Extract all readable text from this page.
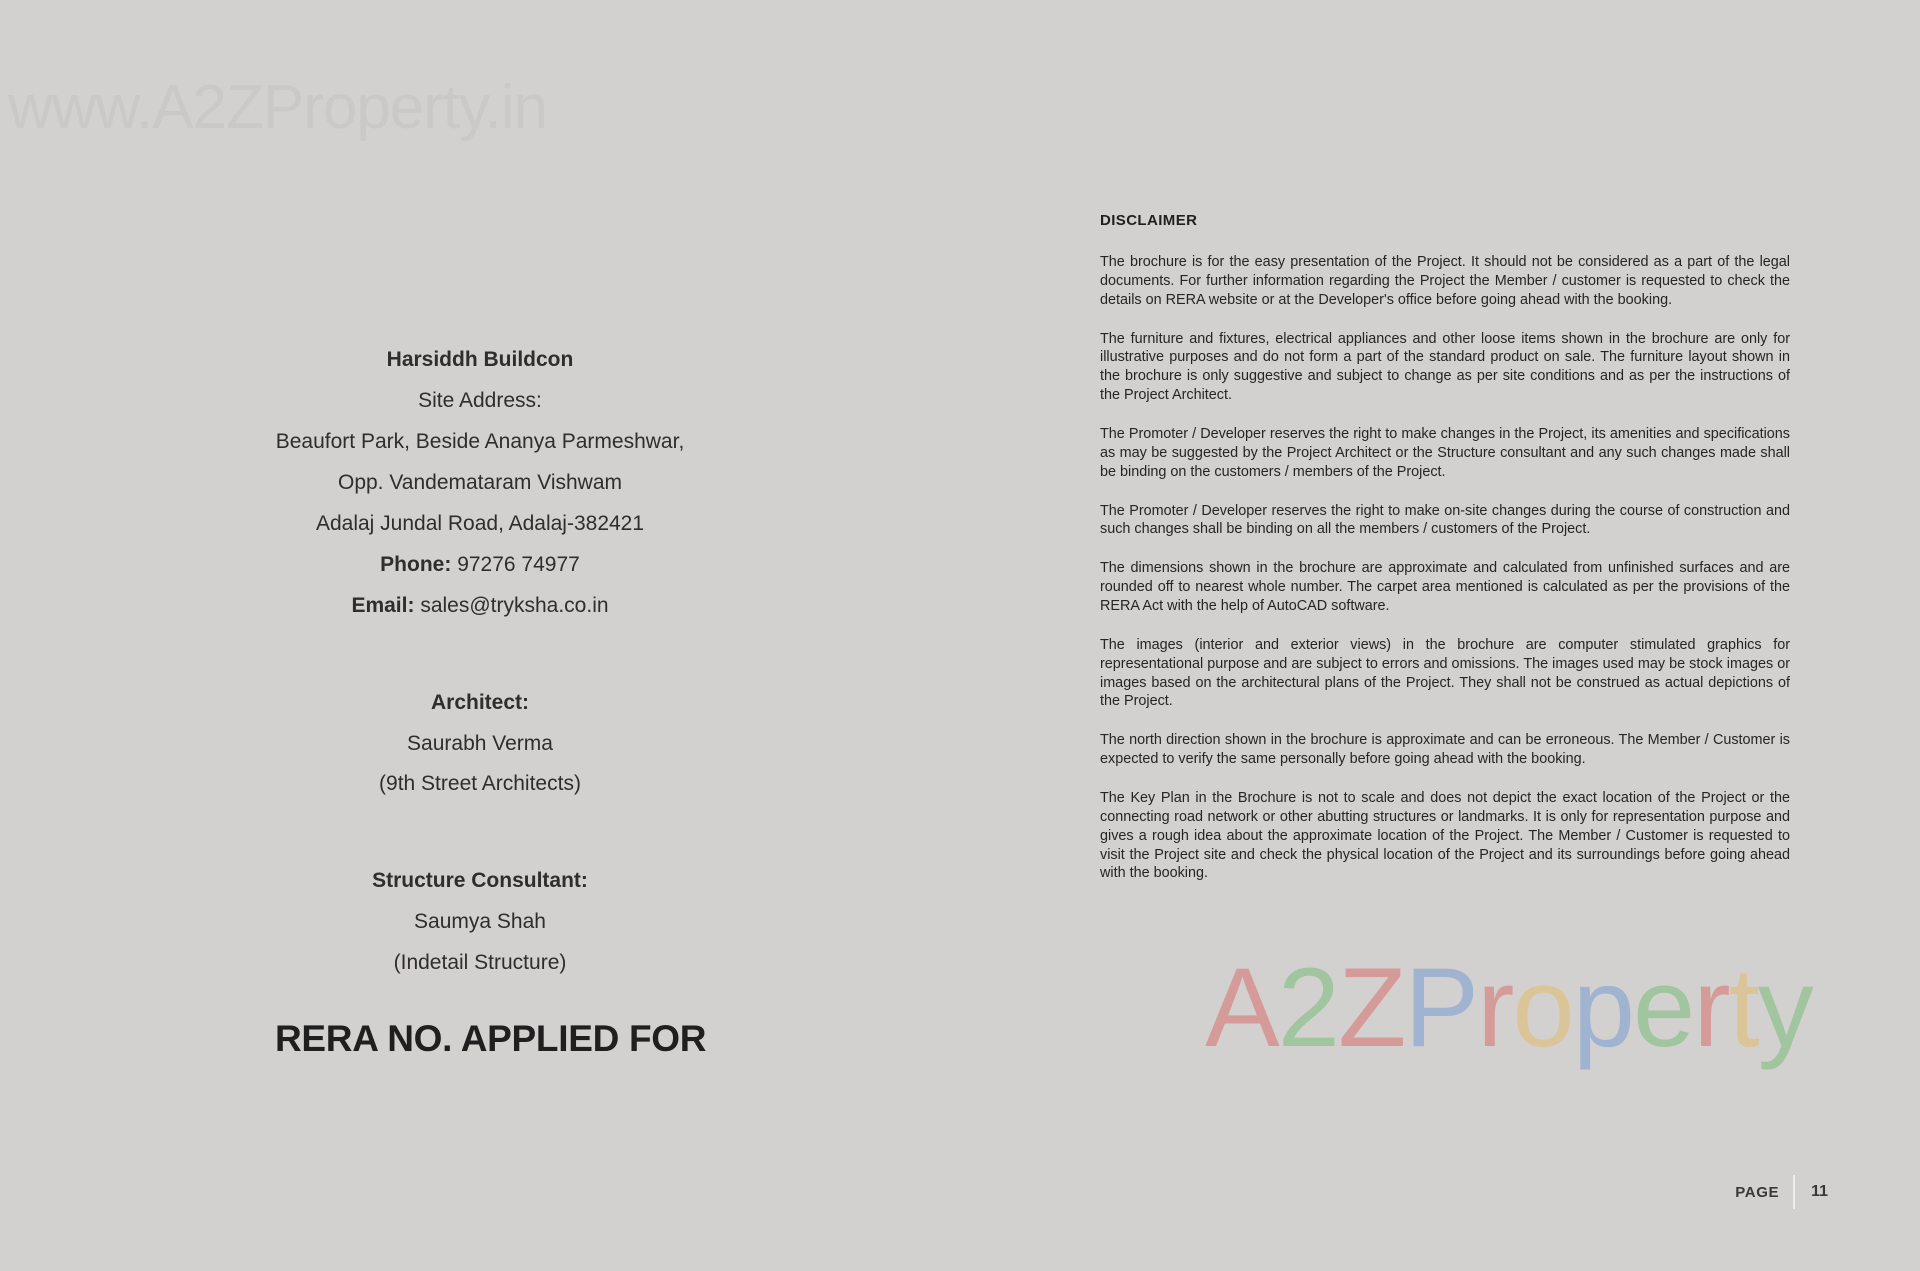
www.A2ZProperty.in
A2ZProperty
Harsiddh Buildcon
Site Address:
Beaufort Park, Beside Ananya Parmeshwar,
Opp. Vandemataram Vishwam
Adalaj Jundal Road, Adalaj-382421
Phone: 97276 74977
Email: sales@tryksha.co.in
Architect:
Saurabh Verma
(9th Street Architects)
Structure Consultant:
Saumya Shah
(Indetail Structure)
RERA NO. APPLIED FOR
DISCLAIMER

The brochure is for the easy presentation of the Project. It should not be considered as a part of the legal documents. For further information regarding the Project the Member / customer is requested to check the details on RERA website or at the Developer's office before going ahead with the booking.

The furniture and fixtures, electrical appliances and other loose items shown in the brochure are only for illustrative purposes and do not form a part of the standard product on sale. The furniture layout shown in the brochure is only suggestive and subject to change as per site conditions and as per the instructions of the Project Architect.

The Promoter / Developer reserves the right to make changes in the Project, its amenities and specifications as may be suggested by the Project Architect or the Structure consultant and any such changes made shall be binding on the customers / members of the Project.

The Promoter / Developer reserves the right to make on-site changes during the course of construction and such changes shall be binding on all the members / customers of the Project.

The dimensions shown in the brochure are approximate and calculated from unfinished surfaces and are rounded off to nearest whole number. The carpet area mentioned is calculated as per the provisions of the RERA Act with the help of AutoCAD software.

The images (interior and exterior views) in the brochure are computer stimulated graphics for representational purpose and are subject to errors and omissions. The images used may be stock images or images based on the architectural plans of the Project. They shall not be construed as actual depictions of the Project.

The north direction shown in the brochure is approximate and can be erroneous. The Member / Customer is expected to verify the same personally before going ahead with the booking.

The Key Plan in the Brochure is not to scale and does not depict the exact location of the Project or the connecting road network or other abutting structures or landmarks. It is only for representation purpose and gives a rough idea about the approximate location of the Project. The Member / Customer is requested to visit the Project site and check the physical location of the Project and its surroundings before going ahead with the booking.

PAGE	11
